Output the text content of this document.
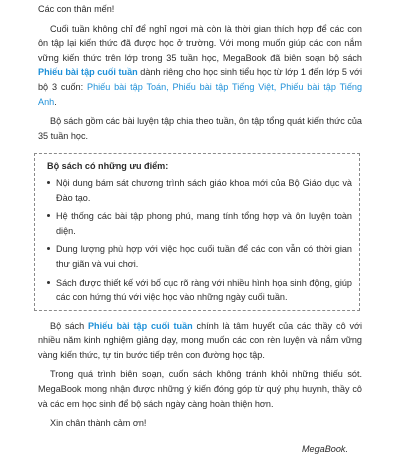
Các con thân mến!

Cuối tuần không chỉ để nghỉ ngơi mà còn là thời gian thích hợp để các con ôn tập lại kiến thức đã được học ở trường. Với mong muốn giúp các con nắm vững kiến thức trên lớp trong 35 tuần học, MegaBook đã biên soạn bộ sách Phiếu bài tập cuối tuần dành riêng cho học sinh tiểu học từ lớp 1 đến lớp 5 với bộ 3 cuốn: Phiếu bài tập Toán, Phiếu bài tập Tiếng Việt, Phiếu bài tập Tiếng Anh.

Bộ sách gồm các bài luyện tập chia theo tuần, ôn tập tổng quát kiến thức của 35 tuần học.

Bộ sách có những ưu điểm:
Nội dung bám sát chương trình sách giáo khoa mới của Bộ Giáo dục và Đào tạo.
Hệ thống các bài tập phong phú, mang tính tổng hợp và ôn luyện toàn diện.
Dung lượng phù hợp với việc học cuối tuần để các con vẫn có thời gian thư giãn và vui chơi.
Sách được thiết kế với bố cục rõ ràng với nhiều hình họa sinh động, giúp các con hứng thú với việc học vào những ngày cuối tuần.

Bộ sách Phiếu bài tập cuối tuần chính là tâm huyết của các thầy cô với nhiều năm kinh nghiệm giảng dạy, mong muốn các con rèn luyện và nắm vững vàng kiến thức, tự tin bước tiếp trên con đường học tập.

Trong quá trình biên soạn, cuốn sách không tránh khỏi những thiếu sót. MegaBook mong nhận được những ý kiến đóng góp từ quý phụ huynh, thầy cô và các em học sinh để bộ sách ngày càng hoàn thiện hơn.

Xin chân thành cảm ơn!

MegaBook.
